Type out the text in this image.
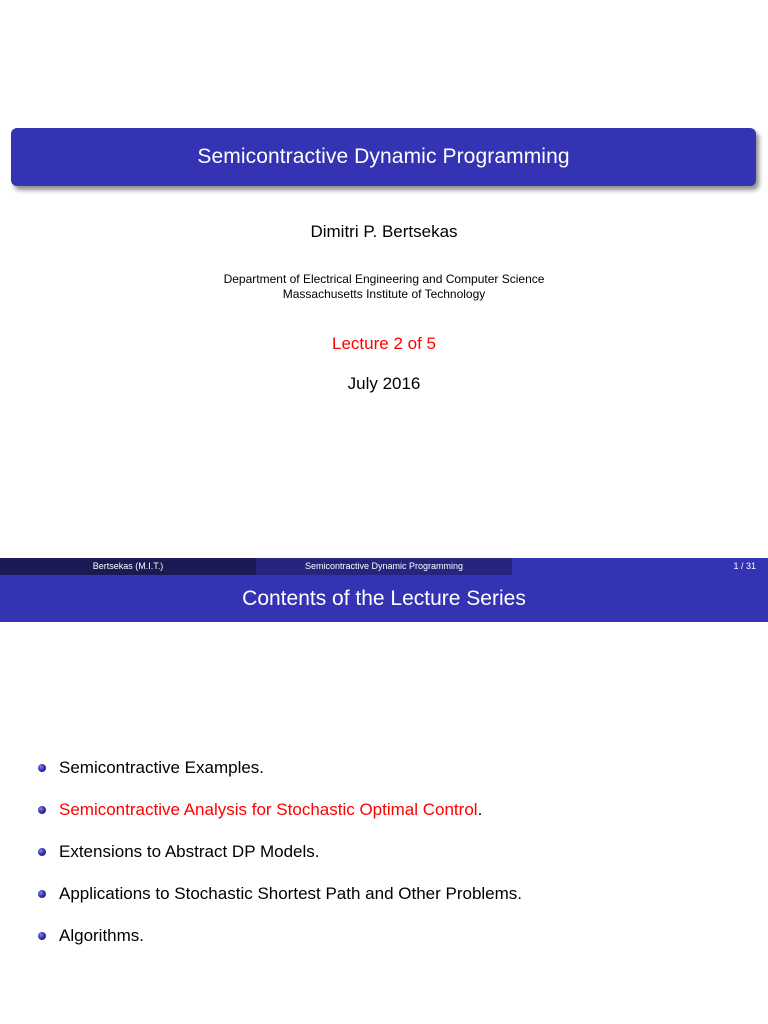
Semicontractive Dynamic Programming
Dimitri P. Bertsekas
Department of Electrical Engineering and Computer Science
Massachusetts Institute of Technology
Lecture 2 of 5
July 2016
Bertsekas (M.I.T.)	Semicontractive Dynamic Programming	1 / 31
Contents of the Lecture Series
Semicontractive Examples.
Semicontractive Analysis for Stochastic Optimal Control .
Extensions to Abstract DP Models.
Applications to Stochastic Shortest Path and Other Problems.
Algorithms.
